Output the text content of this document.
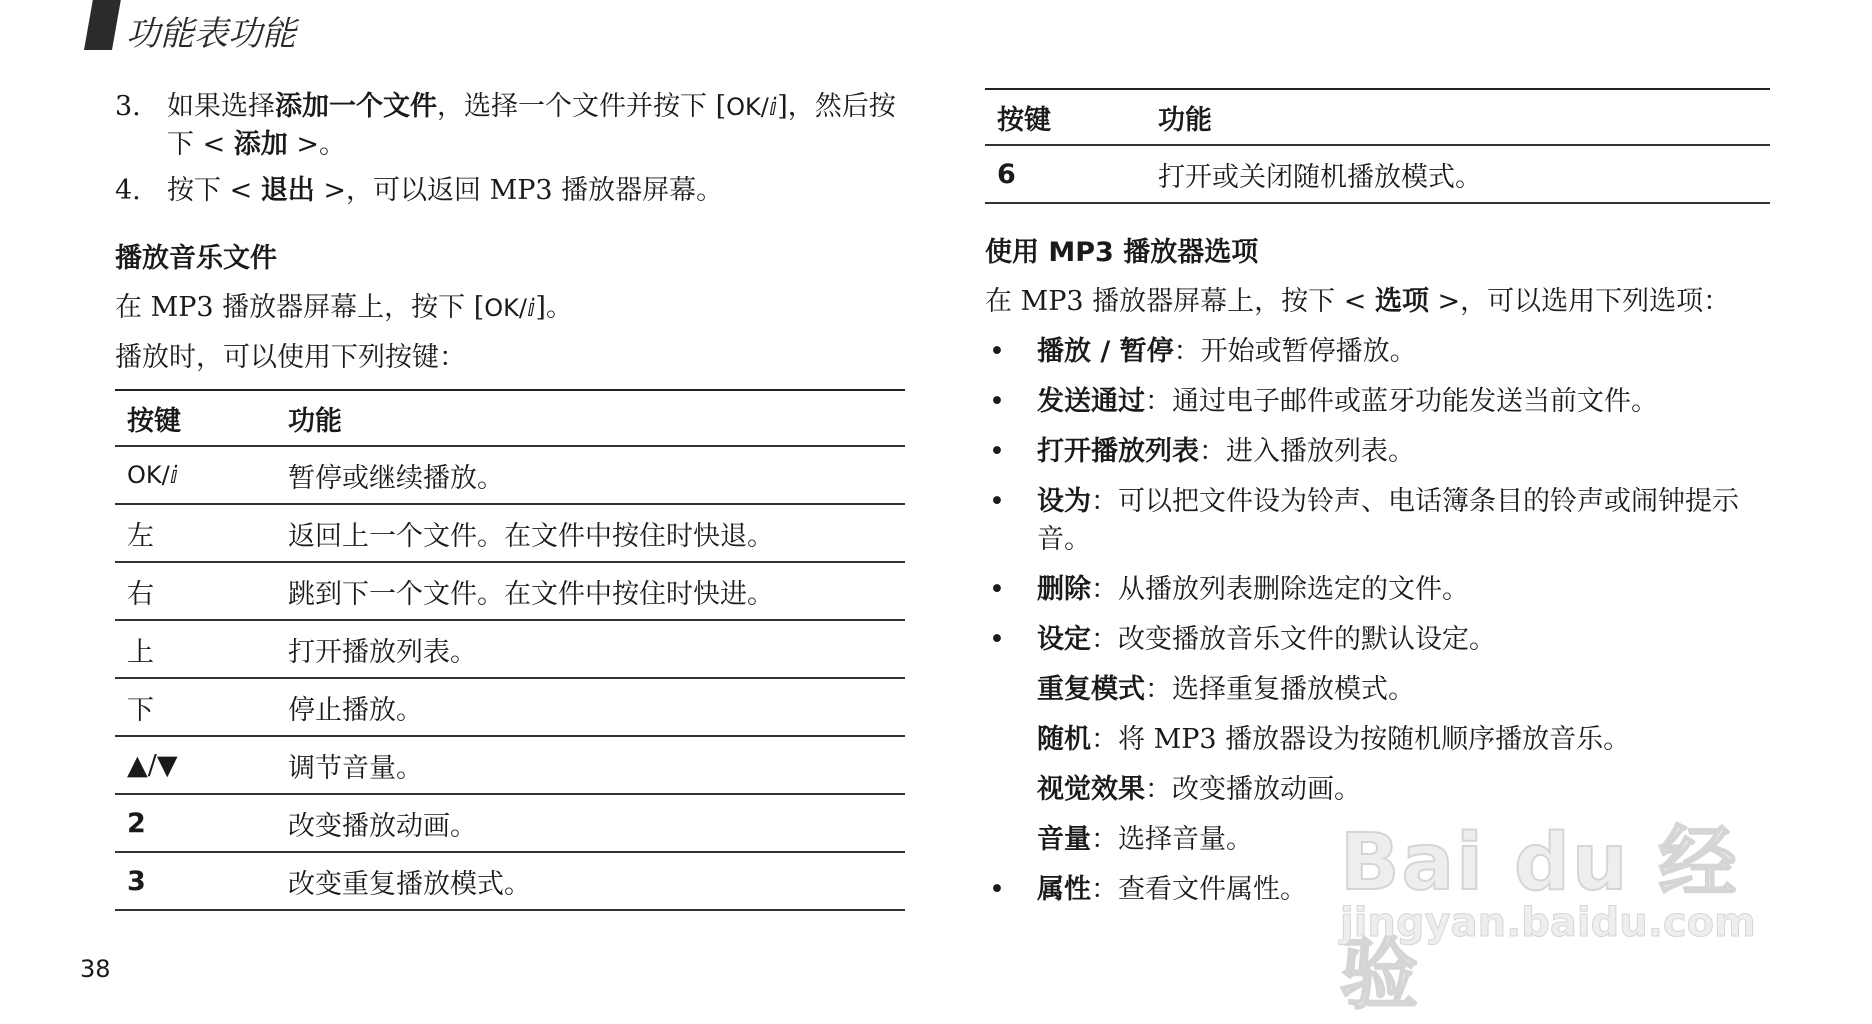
功能表功能
3. 如果选择添加一个文件，选择一个文件并按下 [OK/ⅈ]，然后按下 < 添加 >。
4. 按下 < 退出 >，可以返回 MP3 播放器屏幕。
播放音乐文件
在 MP3 播放器屏幕上，按下 [OK/ⅈ]。
播放时，可以使用下列按键：
按键	功能
OK/ⅈ	暂停或继续播放。
左	返回上一个文件。在文件中按住时快退。
右	跳到下一个文件。在文件中按住时快进。
上	打开播放列表。
下	停止播放。
▲/▼	调节音量。
2	改变播放动画。
3	改变重复播放模式。
按键	功能
6	打开或关闭随机播放模式。
使用 MP3 播放器选项
在 MP3 播放器屏幕上，按下 < 选项 >，可以选用下列选项：
• 播放 / 暂停：开始或暂停播放。
• 发送通过：通过电子邮件或蓝牙功能发送当前文件。
• 打开播放列表：进入播放列表。
• 设为：可以把文件设为铃声、电话簿条目的铃声或闹钟提示音。
• 删除：从播放列表删除选定的文件。
• 设定：改变播放音乐文件的默认设定。
重复模式：选择重复播放模式。
随机：将 MP3 播放器设为按随机顺序播放音乐。
视觉效果：改变播放动画。
音量：选择音量。
• 属性：查看文件属性。
38
Bai du 经验
jingyan.baidu.com
